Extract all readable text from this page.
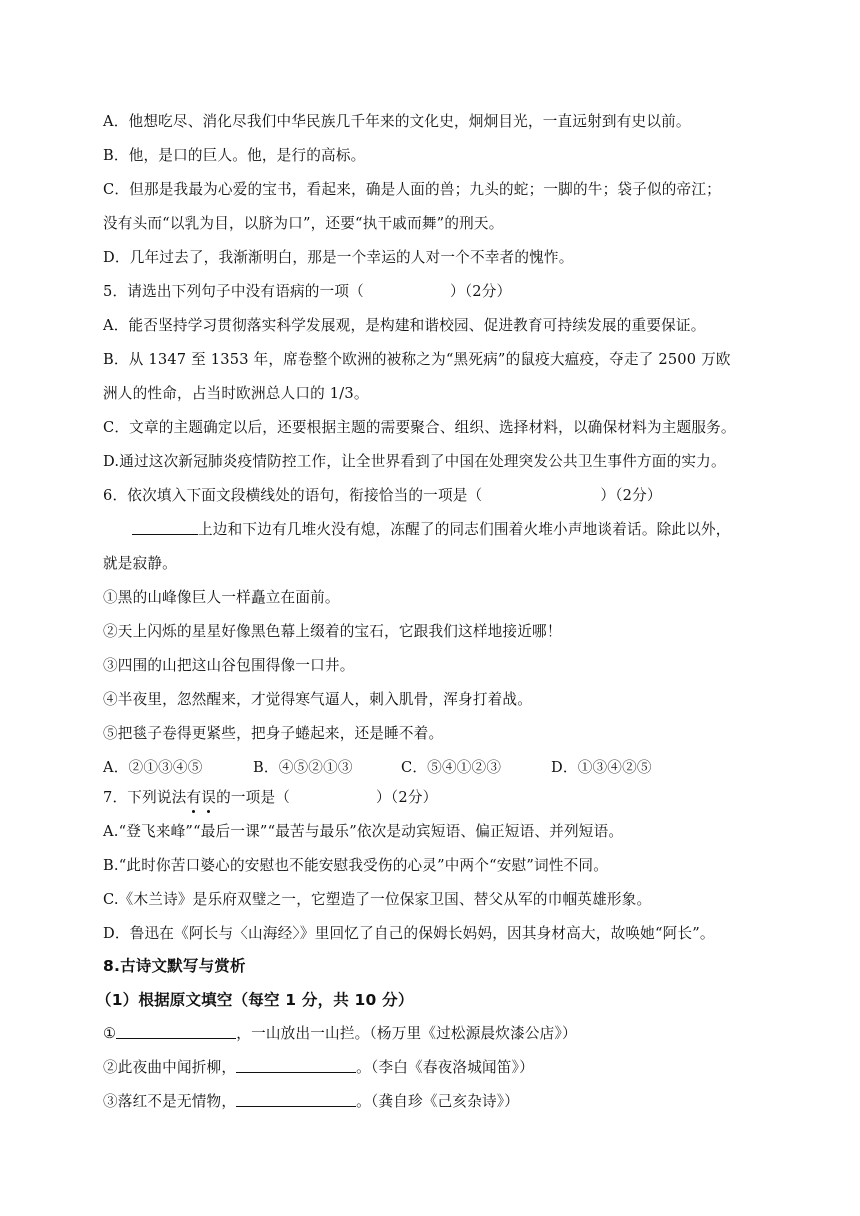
A．他想吃尽、消化尽我们中华民族几千年来的文化史，炯炯目光，一直远射到有史以前。
B．他，是口的巨人。他，是行的高标。
C．但那是我最为心爱的宝书，看起来，确是人面的兽；九头的蛇；一脚的牛；袋子似的帝江；
没有头而“以乳为目，以脐为口”，还要“执干戚而舞”的刑天。
D．几年过去了，我渐渐明白，那是一个幸运的人对一个不幸者的愧怍。
5．请选出下列句子中没有语病的一项（	）（2分）
A．能否坚持学习贯彻落实科学发展观，是构建和谐校园、促进教育可持续发展的重要保证。
B．从 1347 至 1353 年，席卷整个欧洲的被称之为“黑死病”的鼠疫大瘟疫，夺走了 2500 万欧
洲人的性命，占当时欧洲总人口的 1/3。
C．文章的主题确定以后，还要根据主题的需要聚合、组织、选择材料，以确保材料为主题服务。
D.通过这次新冠肺炎疫情防控工作，让全世界看到了中国在处理突发公共卫生事件方面的实力。
6．依次填入下面文段横线处的语句，衔接恰当的一项是（	）（2分）
上边和下边有几堆火没有熄，冻醒了的同志们围着火堆小声地谈着话。除此以外，
就是寂静。
①黑的山峰像巨人一样矗立在面前。
②天上闪烁的星星好像黑色幕上缀着的宝石，它跟我们这样地接近哪！
③四围的山把这山谷包围得像一口井。
④半夜里，忽然醒来，才觉得寒气逼人，刺入肌骨，浑身打着战。
⑤把毯子卷得更紧些，把身子蜷起来，还是睡不着。
A．②①③④⑤	B．④⑤②①③	C．⑤④①②③	D．①③④②⑤
7．下列说法有误的一项是（	）（2分）
A.“登飞来峰”“最后一课”“最苦与最乐”依次是动宾短语、偏正短语、并列短语。
B.“此时你苦口婆心的安慰也不能安慰我受伤的心灵”中两个“安慰”词性不同。
C.《木兰诗》是乐府双璧之一，它塑造了一位保家卫国、替父从军的巾帼英雄形象。
D．鲁迅在《阿长与〈山海经〉》里回忆了自己的保姆长妈妈，因其身材高大，故唤她“阿长”。
8.古诗文默写与赏析
（1）根据原文填空（每空 1 分，共 10 分）
①	，一山放出一山拦。（杨万里《过松源晨炊漆公店》）
②此夜曲中闻折柳，	。（李白《春夜洛城闻笛》）
③落红不是无情物，	。（龚自珍《己亥杂诗》）
